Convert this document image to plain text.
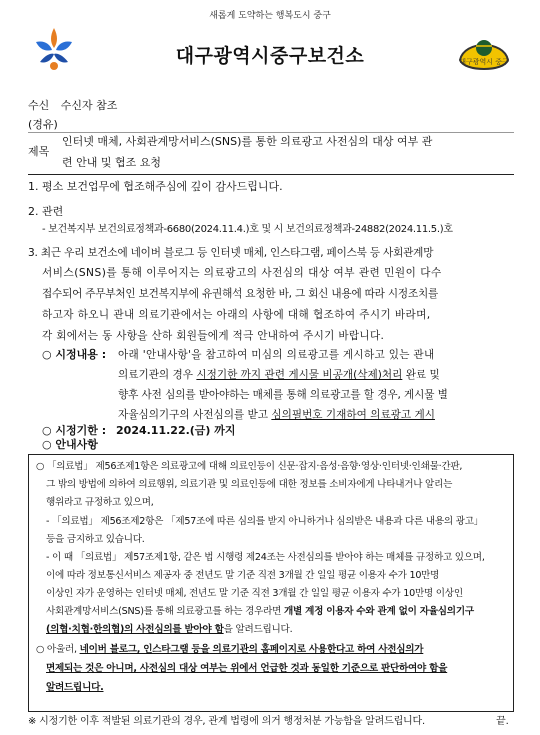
새롭게 도약하는 행복도시 중구
대구광역시중구보건소	대구광역시 중구
수신 수신자 참조
(경유)
제목
인터넷 매체, 사회관계망서비스(SNS)를 통한 의료광고 사전심의 대상 여부 관
련 안내 및 협조 요청
1. 평소 보건업무에 협조해주심에 깊이 감사드립니다.
2. 관련
- 보건복지부 보건의료정책과-6680(2024.11.4.)호 및 시 보건의료정책과-24882(2024.11.5.)호
3. 최근 우리 보건소에 네이버 블로그 등 인터넷 매체, 인스타그램, 페이스북 등 사회관계망
서비스(SNS)를 통해 이루어지는 의료광고의 사전심의 대상 여부 관련 민원이 다수
접수되어 주무부처인 보건복지부에 유권해석 요청한 바, 그 회신 내용에 따라 시정조치를
하고자 하오니 관내 의료기관에서는 아래의 사항에 대해 협조하여 주시기 바라며,
각 회에서는 동 사항을 산하 회원들에게 적극 안내하여 주시기 바랍니다.
○ 시정내용 : 아래 '안내사항'을 참고하여 미심의 의료광고를 게시하고 있는 관내
의료기관의 경우 시정기한 까지 관련 게시물 비공개(삭제)처리 완료 및
향후 사전 심의를 받아야하는 매체를 통해 의료광고를 할 경우, 게시물 별
자율심의기구의 사전심의를 받고 심의필번호 기재하여 의료광고 게시
○ 시정기한 : 2024.11.22.(금) 까지
○ 안내사항
○ 「의료법」 제56조제1항은 의료광고에 대해 의료인등이 신문·잡지·음성·음향·영상·인터넷·인쇄물·간판,
그 밖의 방법에 의하여 의료행위, 의료기관 및 의료인등에 대한 정보를 소비자에게 나타내거나 알리는
행위라고 규정하고 있으며,
- 「의료법」 제56조제2항은 「제57조에 따른 심의를 받지 아니하거나 심의받은 내용과 다른 내용의 광고」
등을 금지하고 있습니다.
- 이 때 「의료법」 제57조제1항, 같은 법 시행령 제24조는 사전심의를 받아야 하는 매체를 규정하고 있으며,
이에 따라 정보통신서비스 제공자 중 전년도 말 기준 직전 3개월 간 일일 평균 이용자 수가 10만명
이상인 자가 운영하는 인터넷 매체, 전년도 말 기준 직전 3개월 간 일일 평균 이용자 수가 10만명 이상인
사회관계망서비스(SNS)를 통해 의료광고를 하는 경우라면 개별 계정 이용자 수와 관계 없이 자율심의기구
(의협·치협·한의협)의 사전심의를 받아야 함을 알려드립니다.
○ 아울러, 네이버 블로그, 인스타그램 등을 의료기관의 홈페이지로 사용한다고 하여 사전심의가
면제되는 것은 아니며, 사전심의 대상 여부는 위에서 언급한 것과 동일한 기준으로 판단하여야 함을
알려드립니다.
※ 시정기한 이후 적발된 의료기관의 경우, 관계 법령에 의거 행정처분 가능함을 알려드립니다.	끝.
